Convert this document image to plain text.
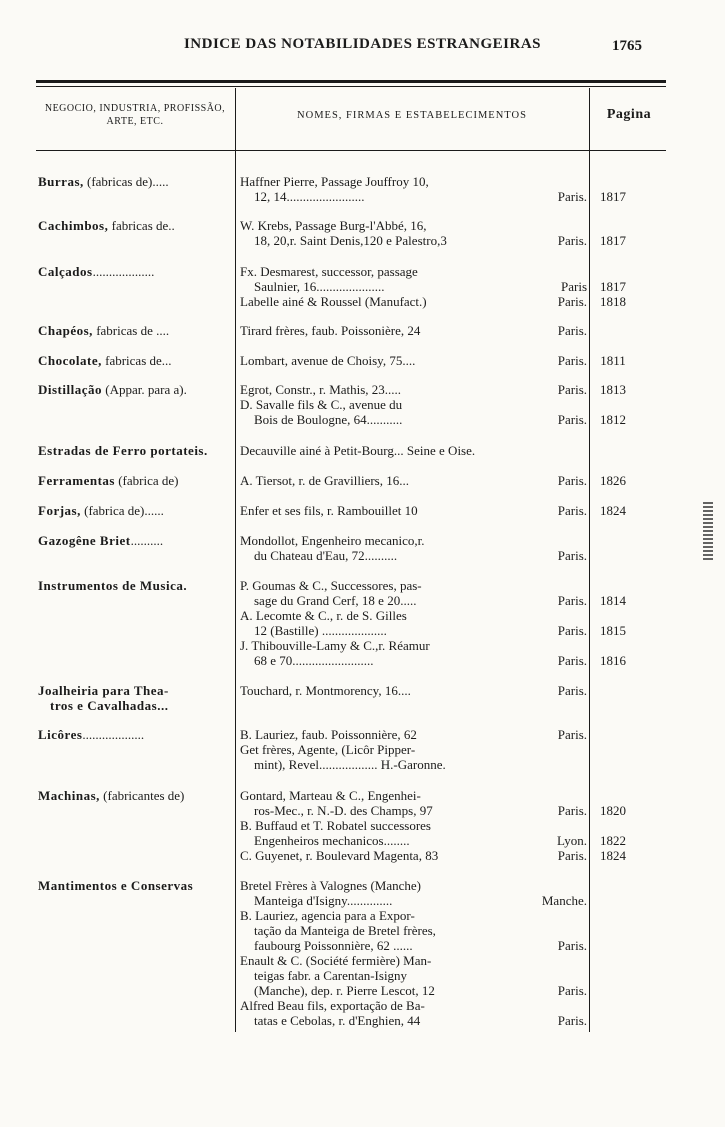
INDICE DAS NOTABILIDADES ESTRANGEIRAS	1765
NEGOCIO, INDUSTRIA, PROFISSÃO, ARTE, ETC.
NOMES, FIRMAS E ESTABELECIMENTOS	Pagina
Burras, (fabricas de).....	Haffner Pierre, Passage Jouffroy 10,
12, 14........................	Paris.	1817
Cachimbos, fabricas de..	W. Krebs, Passage Burg-l'Abbé, 16,
18, 20,r. Saint Denis,120 e Palestro,3	Paris.	1817
Calçados...................	Fx. Desmarest, successor, passage
Saulnier, 16.....................	Paris	1817
Labelle ainé & Roussel (Manufact.)	Paris.	1818
Chapéos, fabricas de ....	Tirard frères, faub. Poissonière, 24	Paris.
Chocolate, fabricas de...	Lombart, avenue de Choisy, 75....	Paris.	1811
Distillação (Appar. para a).	Egrot, Constr., r. Mathis, 23.....	Paris.	1813
D. Savalle fils & C., avenue du
Bois de Boulogne, 64...........	Paris.	1812
Estradas de Ferro portateis.	Decauville ainé à Petit-Bourg... Seine e Oise.
Ferramentas (fabrica de)	A. Tiersot, r. de Gravilliers, 16...	Paris.	1826
Forjas, (fabrica de)......	Enfer et ses fils, r. Rambouillet 10	Paris.	1824
Gazogêne Briet..........	Mondollot, Engenheiro mecanico,r.
du Chateau d'Eau, 72..........	Paris.
Instrumentos de Musica.	P. Goumas & C., Successores, pas-
sage du Grand Cerf, 18 e 20.....	Paris.	1814
A. Lecomte & C., r. de S. Gilles
12 (Bastille) ....................	Paris.	1815
J. Thibouville-Lamy & C.,r. Réamur
68 e 70.........................	Paris.	1816
Joalheiria para Thea-
tros e Cavalhadas...
Touchard, r. Montmorency, 16....	Paris.
Licôres...................	B. Lauriez, faub. Poissonnière, 62	Paris.
Get frères, Agente, (Licôr Pipper-
mint), Revel.................. H.-Garonne.
Machinas, (fabricantes de)	Gontard, Marteau & C., Engenhei-
ros-Mec., r. N.-D. des Champs, 97	Paris.	1820
B. Buffaud et T. Robatel successores
Engenheiros mechanicos........	Lyon.	1822
C. Guyenet, r. Boulevard Magenta, 83	Paris.	1824
Mantimentos e Conservas	Bretel Frères à Valognes (Manche)
Manteiga d'Isigny..............	Manche.
B. Lauriez, agencia para a Expor-
tação da Manteiga de Bretel frères,
faubourg Poissonnière, 62 ......	Paris.
Enault & C. (Société fermière) Man-
teigas fabr. a Carentan-Isigny
(Manche), dep. r. Pierre Lescot, 12	Paris.
Alfred Beau fils, exportação de Ba-
tatas e Cebolas, r. d'Enghien, 44	Paris.
